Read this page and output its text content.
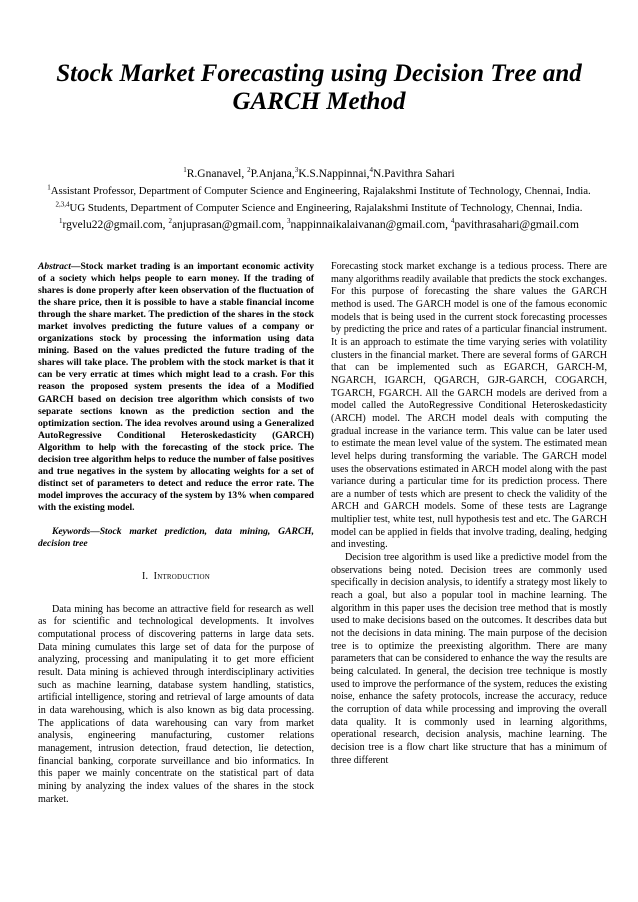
Stock Market Forecasting using Decision Tree and GARCH Method
$^1$R.Gnanavel, $^2$P.Anjana,$^3$K.S.Nappinnai,$^4$N.Pavithra Sahari
$^1$Assistant Professor, Department of Computer Science and Engineering, Rajalakshmi Institute of Technology, Chennai, India.
$^{2,3,4}$UG Students, Department of Computer Science and Engineering, Rajalakshmi Institute of Technology, Chennai, India.
$^1$rgvelu22@gmail.com, $^2$anjuprasan@gmail.com, $^3$nappinnaikalaivanan@gmail.com, $^4$pavithrasahari@gmail.com

Abstract—Stock market trading is an important economic activity of a society which helps people to earn money. If the trading of shares is done properly after keen observation of the fluctuation of the share price, then it is possible to have a stable financial income through the share market. The prediction of the shares in the stock market involves predicting the future values of a company or organizations stock by processing the information using data mining. Based on the values predicted the future trading of the shares will take place. The problem with the stock market is that it can be very erratic at times which might lead to a crash. For this reason the proposed system presents the idea of a Modified GARCH based on decision tree algorithm which consists of two separate sections known as the prediction section and the optimization section. The idea revolves around using a Generalized AutoRegressive Conditional Heteroskedasticity (GARCH) Algorithm to help with the forecasting of the stock price. The decision tree algorithm helps to reduce the number of false positives and true negatives in the system by allocating weights for a set of distinct set of parameters to detect and reduce the error rate. The model improves the accuracy of the system by 13% when compared with the existing model.

Keywords—Stock market prediction, data mining, GARCH, decision tree

I. Introduction

Data mining has become an attractive field for research as well as for scientific and technological developments. It involves computational process of discovering patterns in large data sets. Data mining cumulates this large set of data for the purpose of analyzing, processing and manipulating it to get more efficient result. Data mining is achieved through interdisciplinary activities such as machine learning, database system handling, statistics, artificial intelligence, storing and retrieval of large amounts of data in data warehousing, which is also known as big data processing. The applications of data warehousing can vary from market analysis, engineering manufacturing, customer relations management, intrusion detection, fraud detection, lie detection, financial banking, corporate surveillance and bio informatics. In this paper we mainly concentrate on the statistical part of data mining by analyzing the index values of the shares in the stock market.

Forecasting stock market exchange is a tedious process. There are many algorithms readily available that predicts the stock exchanges. For this purpose of forecasting the share values the GARCH method is used. The GARCH model is one of the famous economic models that is being used in the current stock forecasting processes by predicting the price and rates of a particular financial instrument. It is an approach to estimate the time varying series with volatility clusters in the financial market. There are several forms of GARCH that can be implemented such as EGARCH, GARCH-M, NGARCH, IGARCH, QGARCH, GJR-GARCH, COGARCH, TGARCH, FGARCH. All the GARCH models are derived from a model called the AutoRegressive Conditional Heteroskedasticity (ARCH) model. The ARCH model deals with computing the gradual increase in the variance term. This value can be later used to estimate the mean level value of the system. The estimated mean level helps during transforming the variable. The GARCH model uses the observations estimated in ARCH model along with the past variance during a particular time for its prediction process. There are a number of tests which are present to check the validity of the ARCH and GARCH models. Some of these tests are Lagrange multiplier test, white test, null hypothesis test and etc. The GARCH model can be applied in fields that involve trading, dealing, hedging and investing.

Decision tree algorithm is used like a predictive model from the observations being noted. Decision trees are commonly used specifically in decision analysis, to identify a strategy most likely to reach a goal, but also a popular tool in machine learning. The algorithm in this paper uses the decision tree method that is mostly used to make decisions based on the outcomes. It describes data but not the decisions in data mining. The main purpose of the decision tree is to optimize the preexisting algorithm. There are many parameters that can be considered to enhance the way the results are being calculated. In general, the decision tree technique is mostly used to improve the performance of the system, reduces the existing noise, enhance the safety protocols, increase the accuracy, reduce the corruption of data while processing and improving the overall data quality. It is commonly used in learning algorithms, operational research, decision analysis, machine learning. The decision tree is a flow chart like structure that has a minimum of three different
